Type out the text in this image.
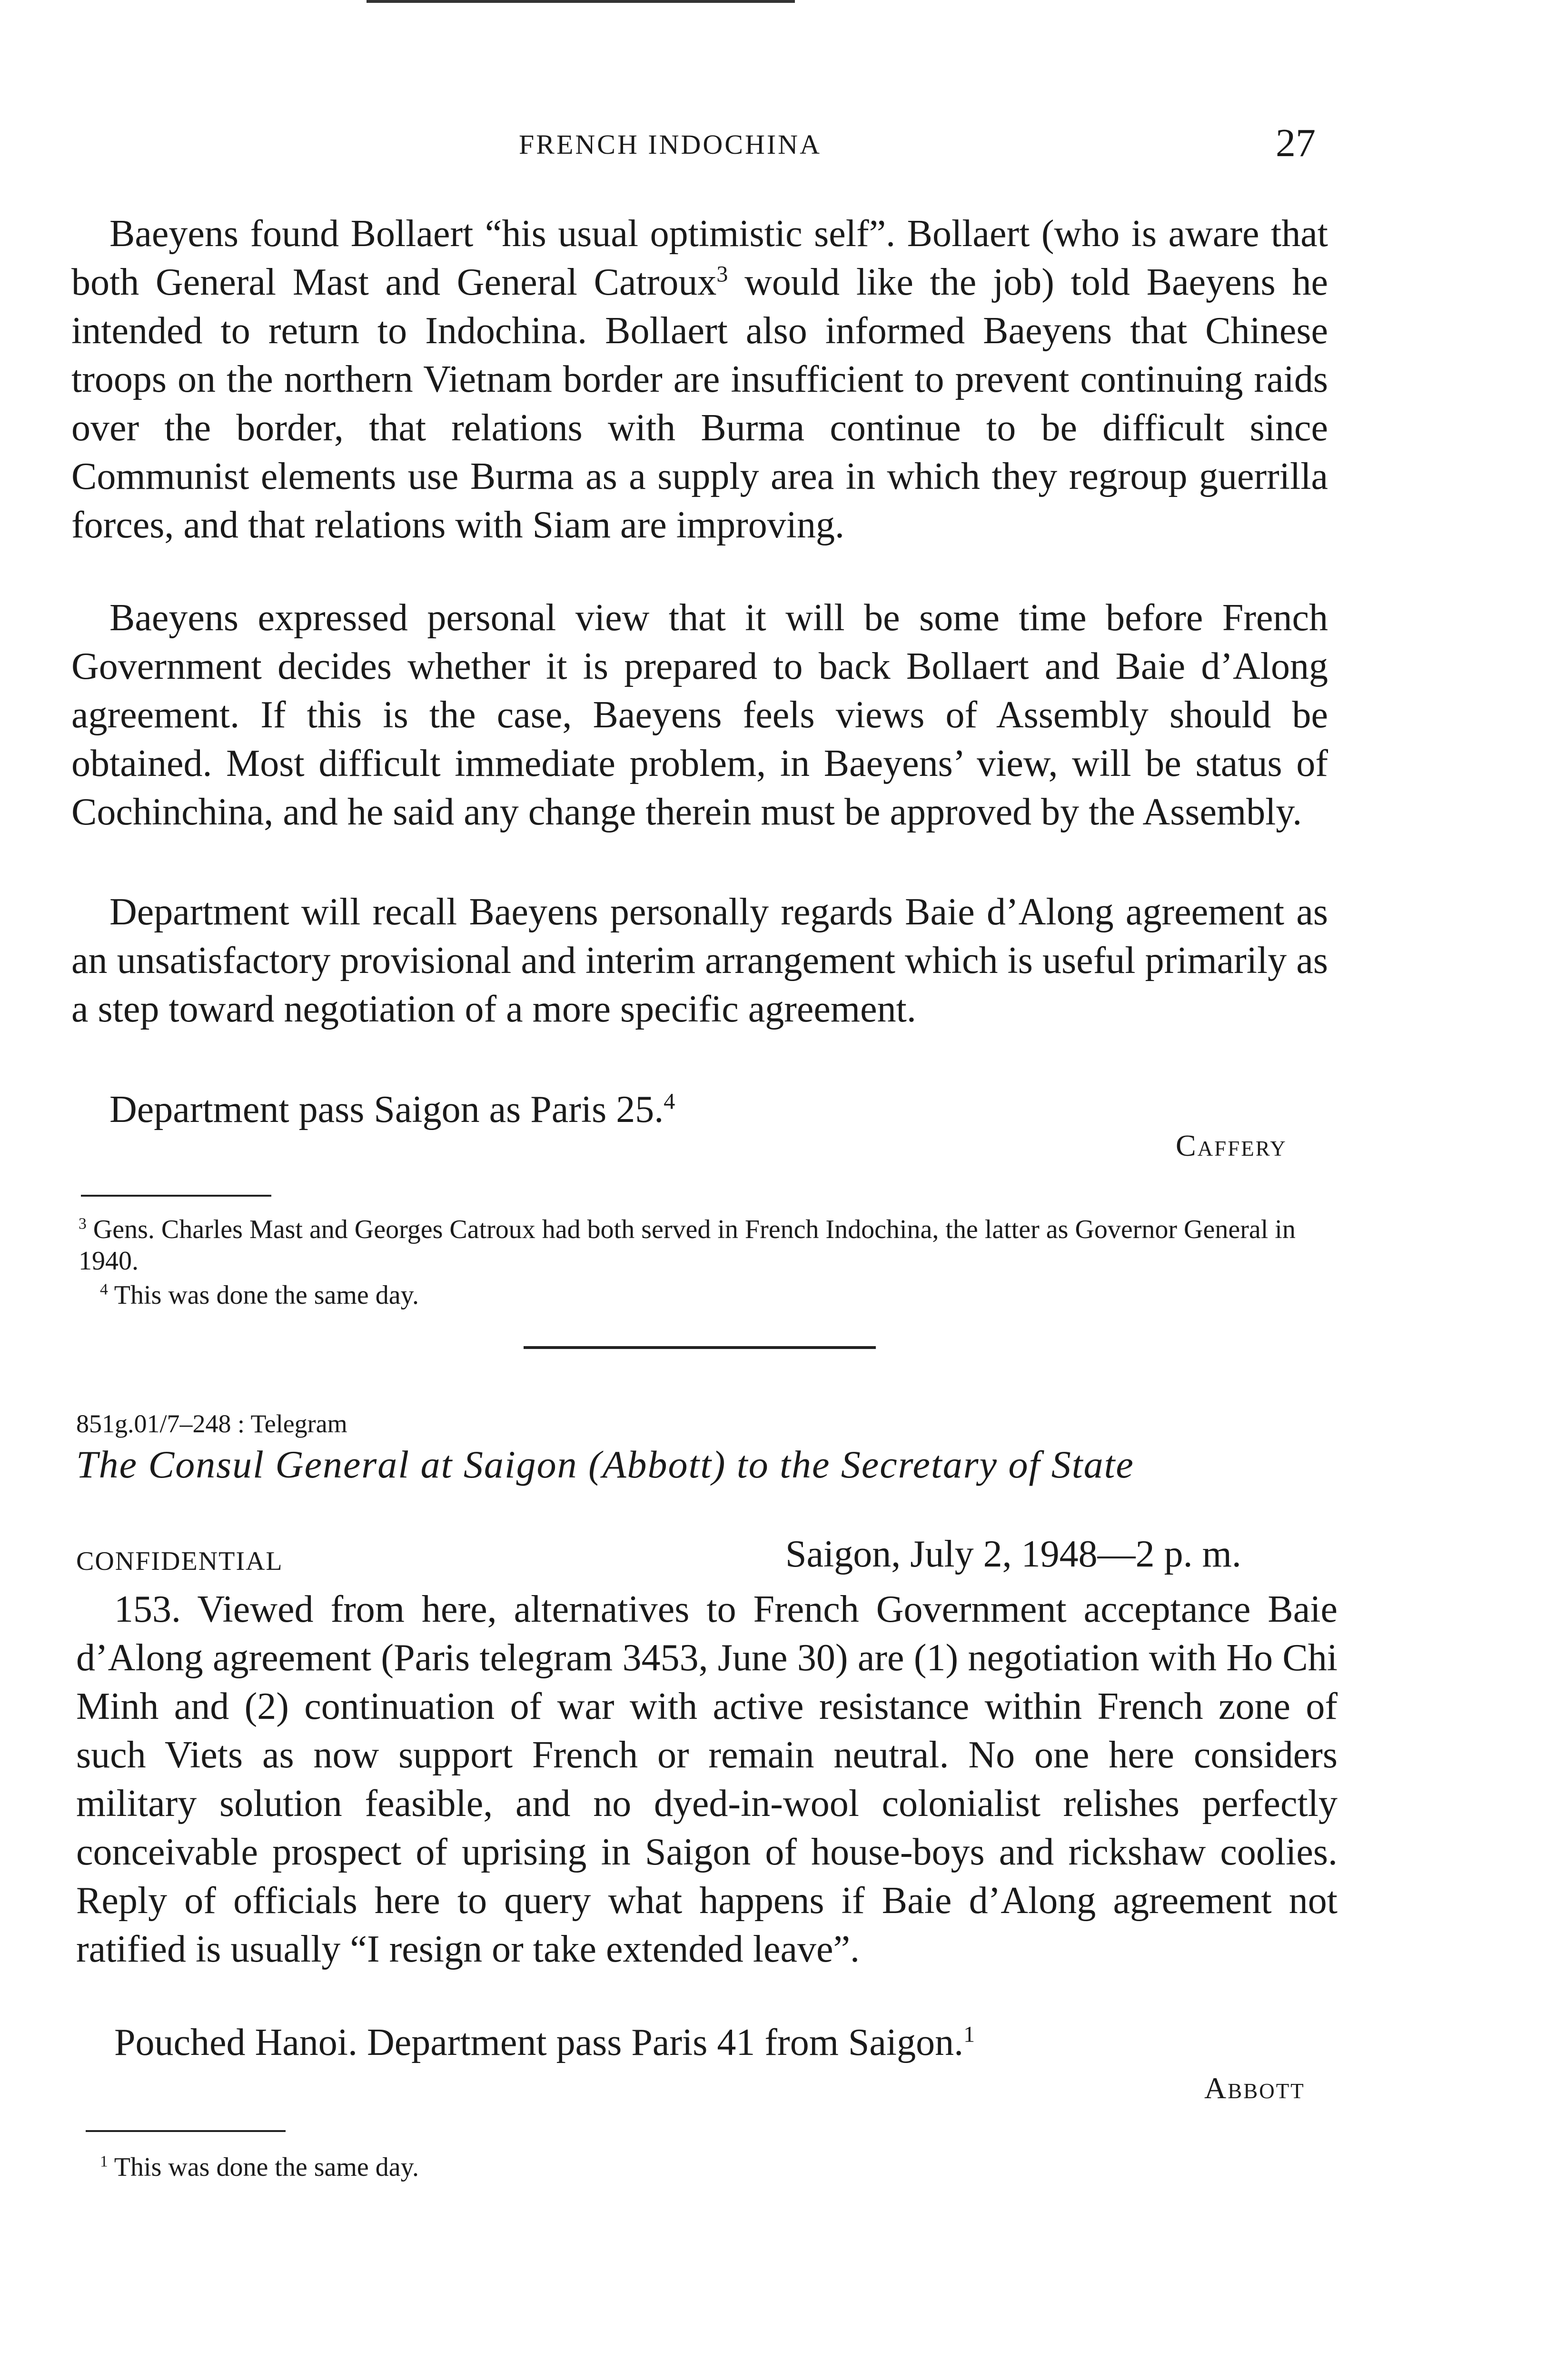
FRENCH INDOCHINA	27

Baeyens found Bollaert “his usual optimistic self”. Bollaert (who is aware that both General Mast and General Catroux$^3$ would like the job) told Baeyens he intended to return to Indochina. Bollaert also informed Baeyens that Chinese troops on the northern Vietnam border are insufficient to prevent continuing raids over the border, that relations with Burma continue to be difficult since Communist elements use Burma as a supply area in which they regroup guerrilla forces, and that relations with Siam are improving.

Baeyens expressed personal view that it will be some time before French Government decides whether it is prepared to back Bollaert and Baie d’Along agreement. If this is the case, Baeyens feels views of Assembly should be obtained. Most difficult immediate problem, in Baeyens’ view, will be status of Cochinchina, and he said any change therein must be approved by the Assembly.

Department will recall Baeyens personally regards Baie d’Along agreement as an unsatisfactory provisional and interim arrangement which is useful primarily as a step toward negotiation of a more specific agreement.

Department pass Saigon as Paris 25.$^4$

Caffery

$^3$ Gens. Charles Mast and Georges Catroux had both served in French Indochina, the latter as Governor General in 1940.

$^4$ This was done the same day.

851g.01/7–248 : Telegram
The Consul General at Saigon (Abbott) to the Secretary of State
CONFIDENTIAL	Saigon, July 2, 1948—2 p. m.

153. Viewed from here, alternatives to French Government acceptance Baie d’Along agreement (Paris telegram 3453, June 30) are (1) negotiation with Ho Chi Minh and (2) continuation of war with active resistance within French zone of such Viets as now support French or remain neutral. No one here considers military solution feasible, and no dyed-in-wool colonialist relishes perfectly conceivable prospect of uprising in Saigon of house-boys and rickshaw coolies. Reply of officials here to query what happens if Baie d’Along agreement not ratified is usually “I resign or take extended leave”.

Pouched Hanoi. Department pass Paris 41 from Saigon.$^1$

Abbott

$^1$ This was done the same day.
